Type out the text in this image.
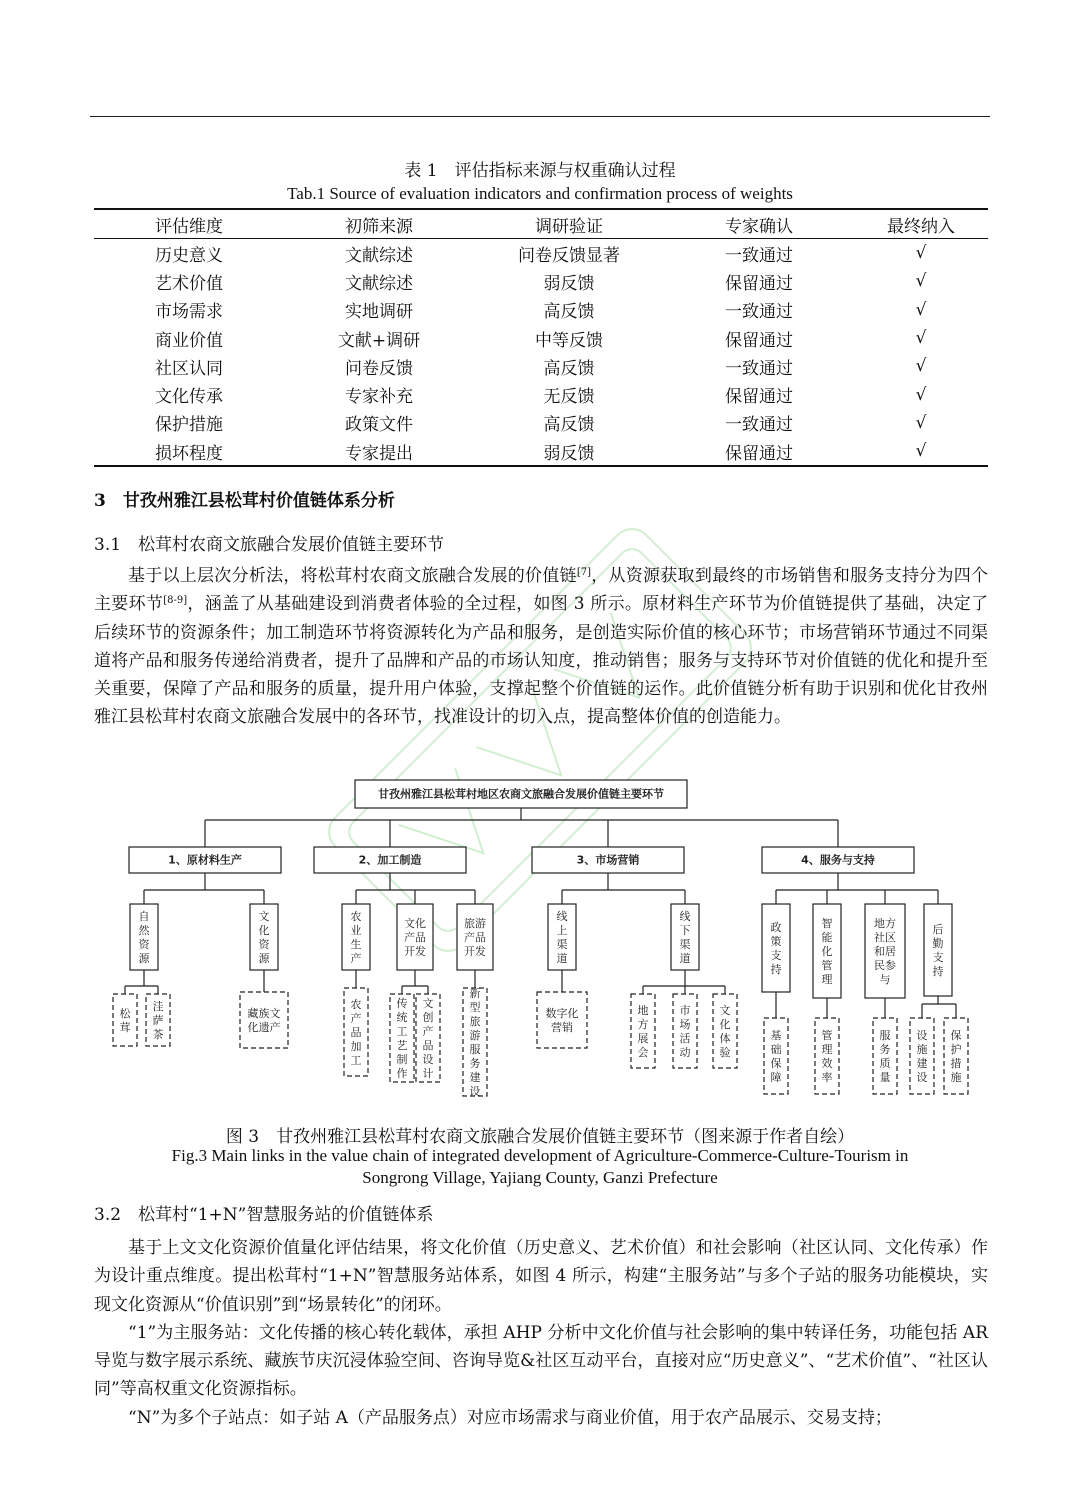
表 1　评估指标来源与权重确认过程
Tab.1 Source of evaluation indicators and confirmation process of weights
评估维度	初筛来源	调研验证	专家确认	最终纳入
历史意义	文献综述	问卷反馈显著	一致通过	√
艺术价值	文献综述	弱反馈	保留通过	√
市场需求	实地调研	高反馈	一致通过	√
商业价值	文献+调研	中等反馈	保留通过	√
社区认同	问卷反馈	高反馈	一致通过	√
文化传承	专家补充	无反馈	保留通过	√
保护措施	政策文件	高反馈	一致通过	√
损坏程度	专家提出	弱反馈	保留通过	√
3　甘孜州雅江县松茸村价值链体系分析
3.1　松茸村农商文旅融合发展价值链主要环节

基于以上层次分析法，将松茸村农商文旅融合发展的价值链[7]，从资源获取到最终的市场销售和服务支持分为四个主要环节[8-9]，涵盖了从基础建设到消费者体验的全过程，如图 3 所示。原材料生产环节为价值链提供了基础，决定了后续环节的资源条件；加工制造环节将资源转化为产品和服务，是创造实际价值的核心环节；市场营销环节通过不同渠道将产品和服务传递给消费者，提升了品牌和产品的市场认知度，推动销售；服务与支持环节对价值链的优化和提升至关重要，保障了产品和服务的质量，提升用户体验，支撑起整个价值链的运作。此价值链分析有助于识别和优化甘孜州雅江县松茸村农商文旅融合发展中的各环节，找准设计的切入点，提高整体价值的创造能力。

甘孜州雅江县松茸村地区农商文旅融合发展价值链主要环节
1、原材料生产	2、加工制造	3、市场营销	4、服务与支持
自然资源
文化资源
农业生产
文化产品开发
旅游产品开发
线上渠道
线下渠道
政策支持
智能化管理
地方社区和居民参与
后勤支持
松茸
洼萨茶
藏族文化遗产
农产品加工
传统工艺制作
文创产品设计
新型旅游服务建设
数字化营销
地方展会
市场活动
文化体验
基础保障
管理效率
服务质量
设施建设
保护措施
图 3　甘孜州雅江县松茸村农商文旅融合发展价值链主要环节（图来源于作者自绘）
Fig.3 Main links in the value chain of integrated development of Agriculture-Commerce-Culture-Tourism in
Songrong Village, Yajiang County, Ganzi Prefecture
3.2　松茸村“1+N”智慧服务站的价值链体系

基于上文文化资源价值量化评估结果，将文化价值（历史意义、艺术价值）和社会影响（社区认同、文化传承）作为设计重点维度。提出松茸村“1+N”智慧服务站体系，如图 4 所示，构建“主服务站”与多个子站的服务功能模块，实现文化资源从“价值识别”到“场景转化”的闭环。

“1”为主服务站：文化传播的核心转化载体，承担 AHP 分析中文化价值与社会影响的集中转译任务，功能包括 AR 导览与数字展示系统、藏族节庆沉浸体验空间、咨询导览&社区互动平台，直接对应“历史意义”、“艺术价值”、“社区认同”等高权重文化资源指标。

“N”为多个子站点：如子站 A（产品服务点）对应市场需求与商业价值，用于农产品展示、交易支持；
